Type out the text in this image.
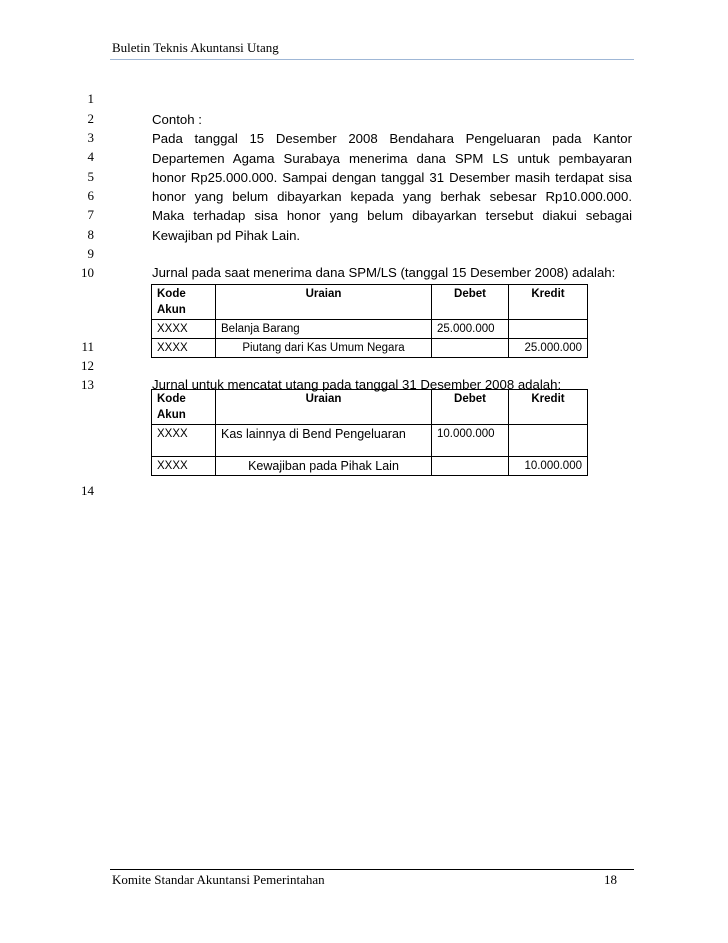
Buletin Teknis Akuntansi Utang
1
2
3
4
5
6
7
8
9
10
11
12
13
14
Contoh :
Pada tanggal 15 Desember 2008 Bendahara Pengeluaran pada Kantor
Departemen Agama Surabaya menerima dana SPM LS untuk pembayaran
honor Rp25.000.000. Sampai dengan tanggal 31 Desember masih terdapat sisa
honor yang belum dibayarkan kepada yang berhak sebesar Rp10.000.000.
Maka terhadap sisa honor yang belum dibayarkan tersebut diakui sebagai
Kewajiban pd Pihak Lain.
Jurnal pada saat menerima dana SPM/LS (tanggal 15 Desember 2008) adalah:
Kode Akun	Uraian	Debet	Kredit
XXXX	Belanja Barang	25.000.000	
XXXX	Piutang dari Kas Umum Negara		25.000.000
Jurnal untuk mencatat utang pada tanggal 31 Desember 2008 adalah:
Kode Akun	Uraian	Debet	Kredit
XXXX	Kas lainnya di Bend Pengeluaran	10.000.000	
XXXX	Kewajiban pada Pihak Lain		10.000.000
Komite Standar Akuntansi Pemerintahan	18
